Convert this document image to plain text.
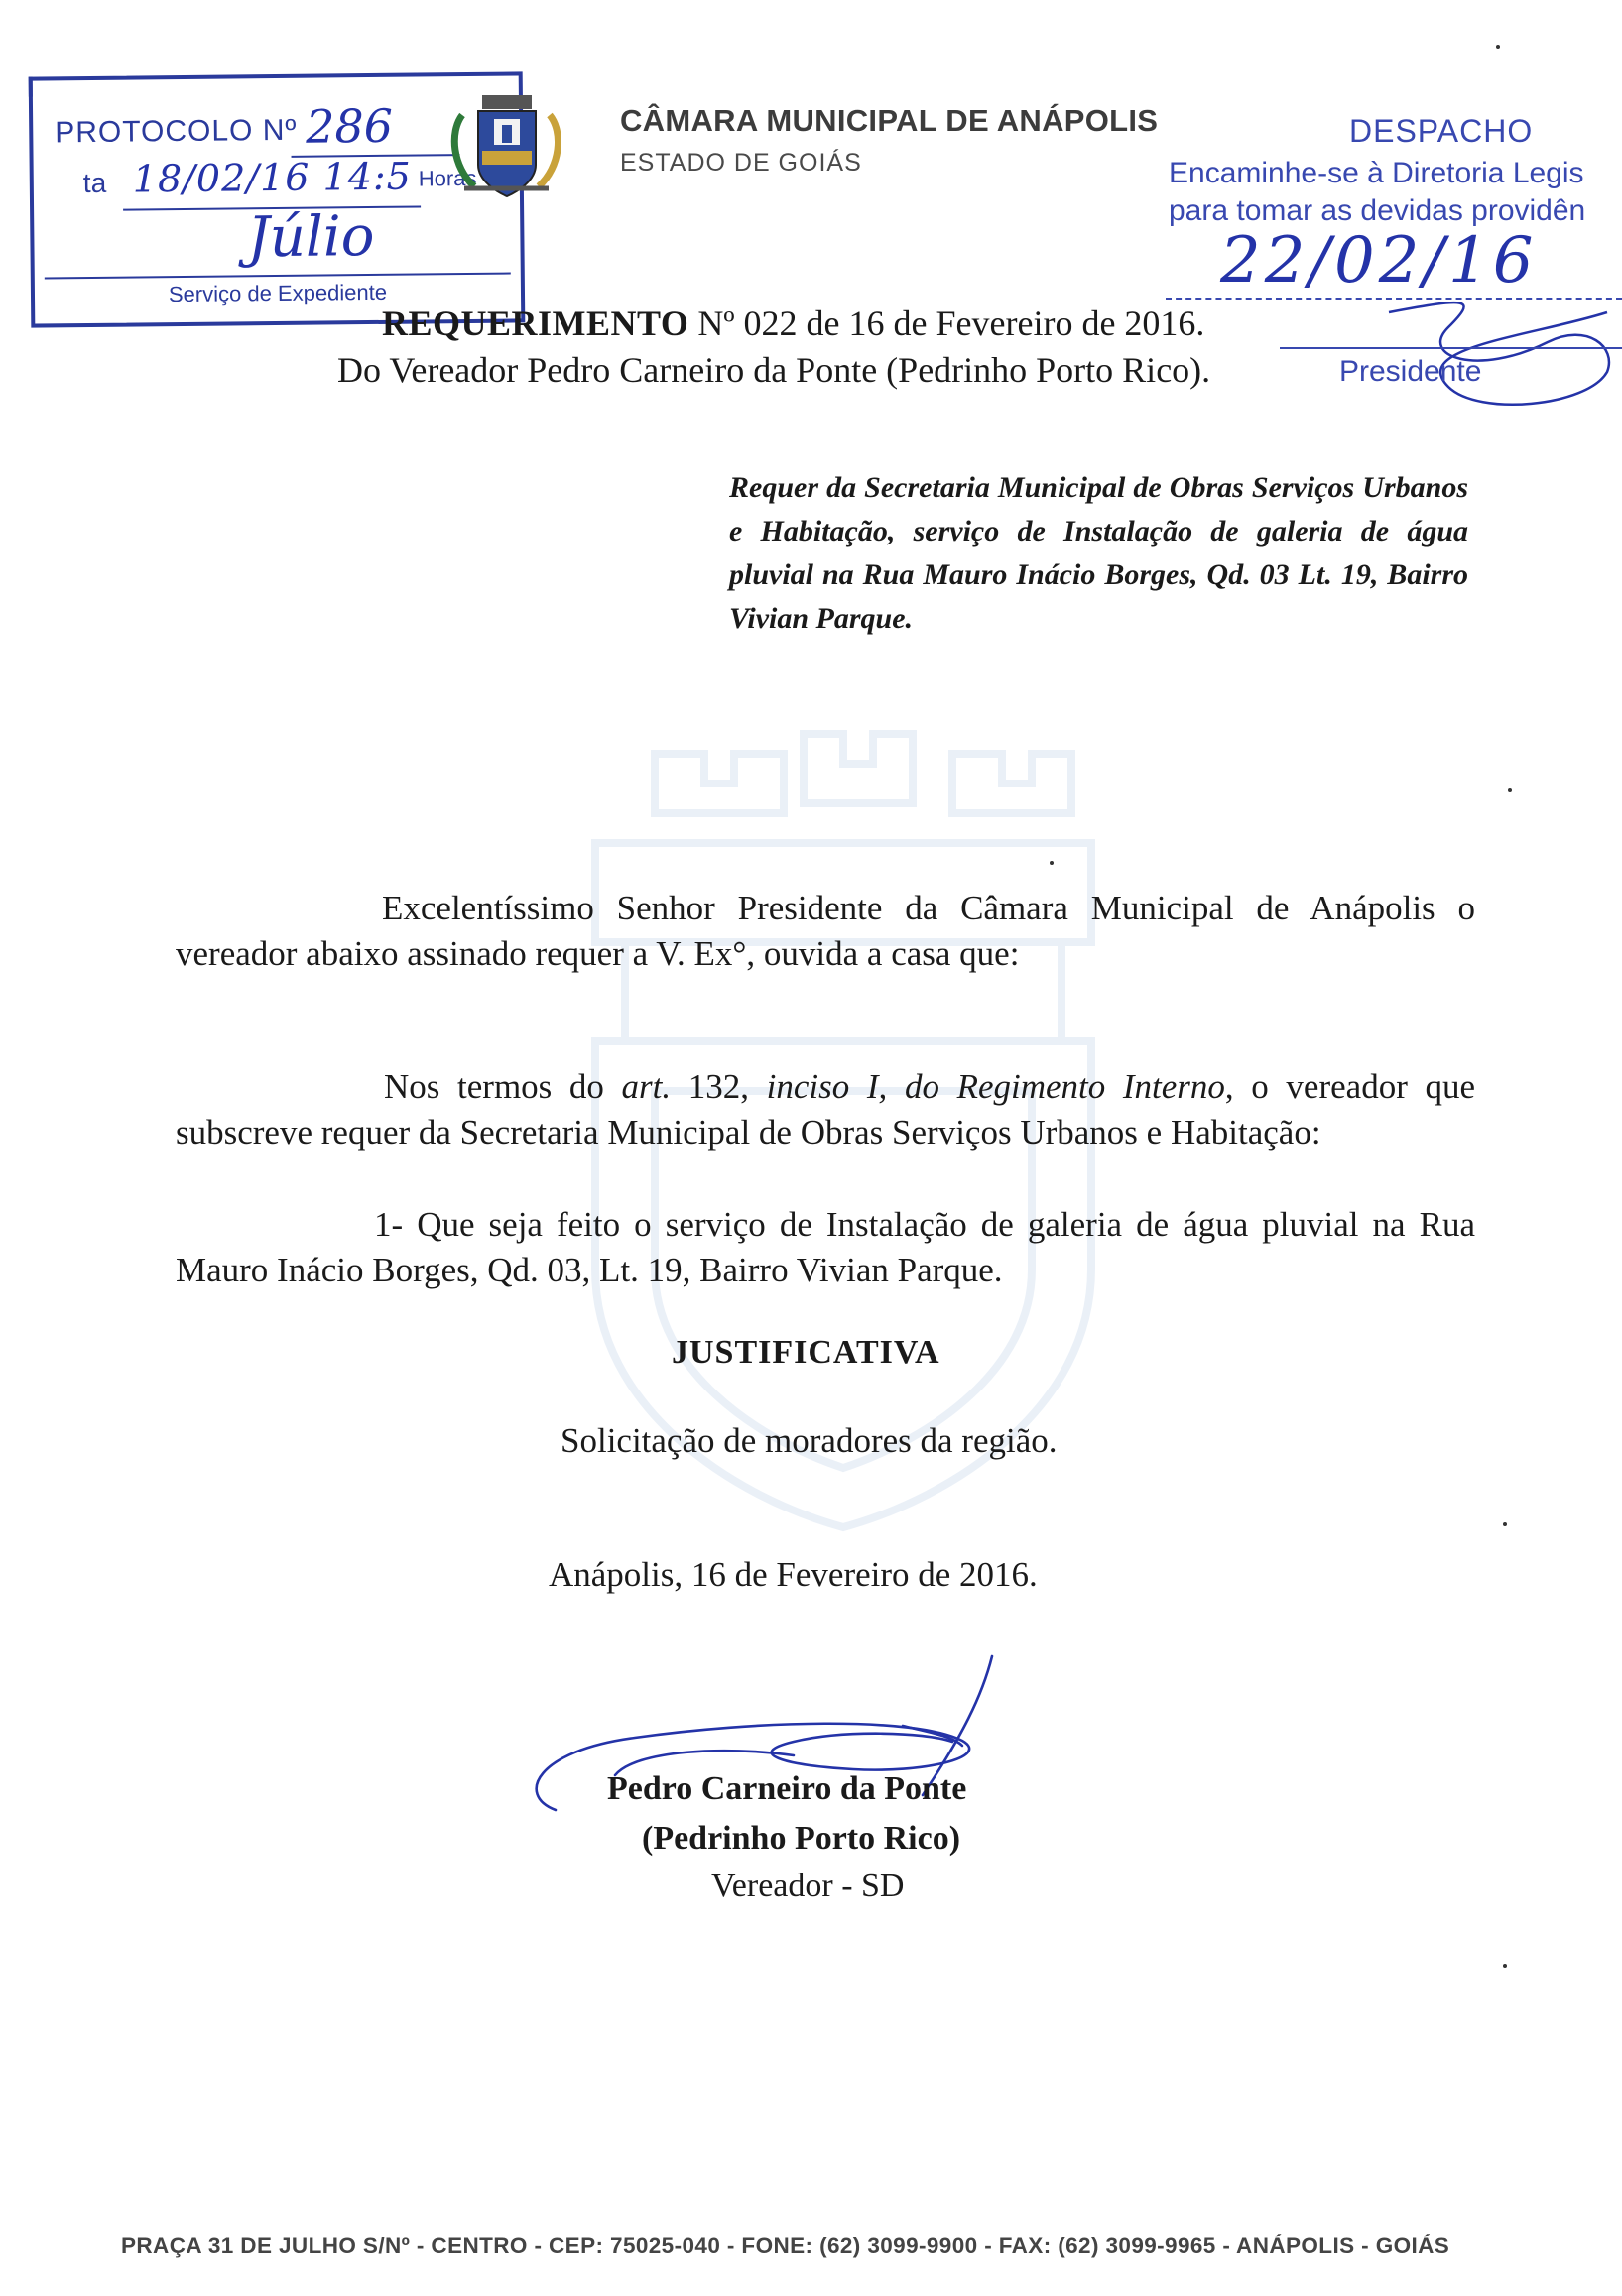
PROTOCOLO Nº 286
ta 18/02/16 14:5 Horas
Júlio
Serviço de Expediente
CÂMARA MUNICIPAL DE ANÁPOLIS
ESTADO DE GOIÁS
DESPACHO
Encaminhe-se à Diretoria Legis
para tomar as devidas providên
22/02/16
Presidente
REQUERIMENTO Nº 022 de 16 de Fevereiro de 2016.
Do Vereador Pedro Carneiro da Ponte (Pedrinho Porto Rico).
Requer da Secretaria Municipal de Obras Serviços Urbanos e Habitação, serviço de Instalação de galeria de água pluvial na Rua Mauro Inácio Borges, Qd. 03 Lt. 19, Bairro Vivian Parque.
Excelentíssimo Senhor Presidente da Câmara Municipal de Anápolis o vereador abaixo assinado requer a V. Ex°, ouvida a casa que:
Nos termos do art. 132, inciso I, do Regimento Interno, o vereador que subscreve requer da Secretaria Municipal de Obras Serviços Urbanos e Habitação:
1- Que seja feito o serviço de Instalação de galeria de água pluvial na Rua Mauro Inácio Borges, Qd. 03, Lt. 19, Bairro Vivian Parque.
JUSTIFICATIVA
Solicitação de moradores da região.
Anápolis, 16 de Fevereiro de 2016.
Pedro Carneiro da Ponte
(Pedrinho Porto Rico)
Vereador - SD
PRAÇA 31 DE JULHO S/Nº - CENTRO - CEP: 75025-040 - FONE: (62) 3099-9900 - FAX: (62) 3099-9965 - ANÁPOLIS - GOIÁS
